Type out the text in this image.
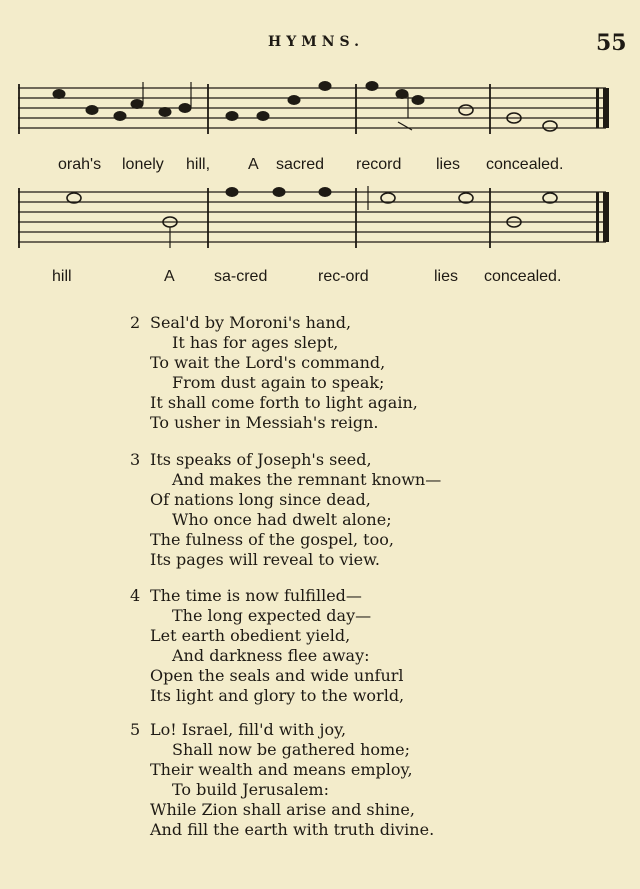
HYMNS.	55
orah's lonely hill, A sacred record lies concealed.
hill	A sa-cred	rec-ord	lies concealed.
2 Seal'd by Moroni's hand,
It has for ages slept,
To wait the Lord's command,
From dust again to speak;
It shall come forth to light again,
To usher in Messiah's reign.
3 Its speaks of Joseph's seed,
And makes the remnant known—
Of nations long since dead,
Who once had dwelt alone;
The fulness of the gospel, too,
Its pages will reveal to view.
4 The time is now fulfilled—
The long expected day—
Let earth obedient yield,
And darkness flee away:
Open the seals and wide unfurl
Its light and glory to the world,
5 Lo! Israel, fill'd with joy,
Shall now be gathered home;
Their wealth and means employ,
To build Jerusalem:
While Zion shall arise and shine,
And fill the earth with truth divine.
